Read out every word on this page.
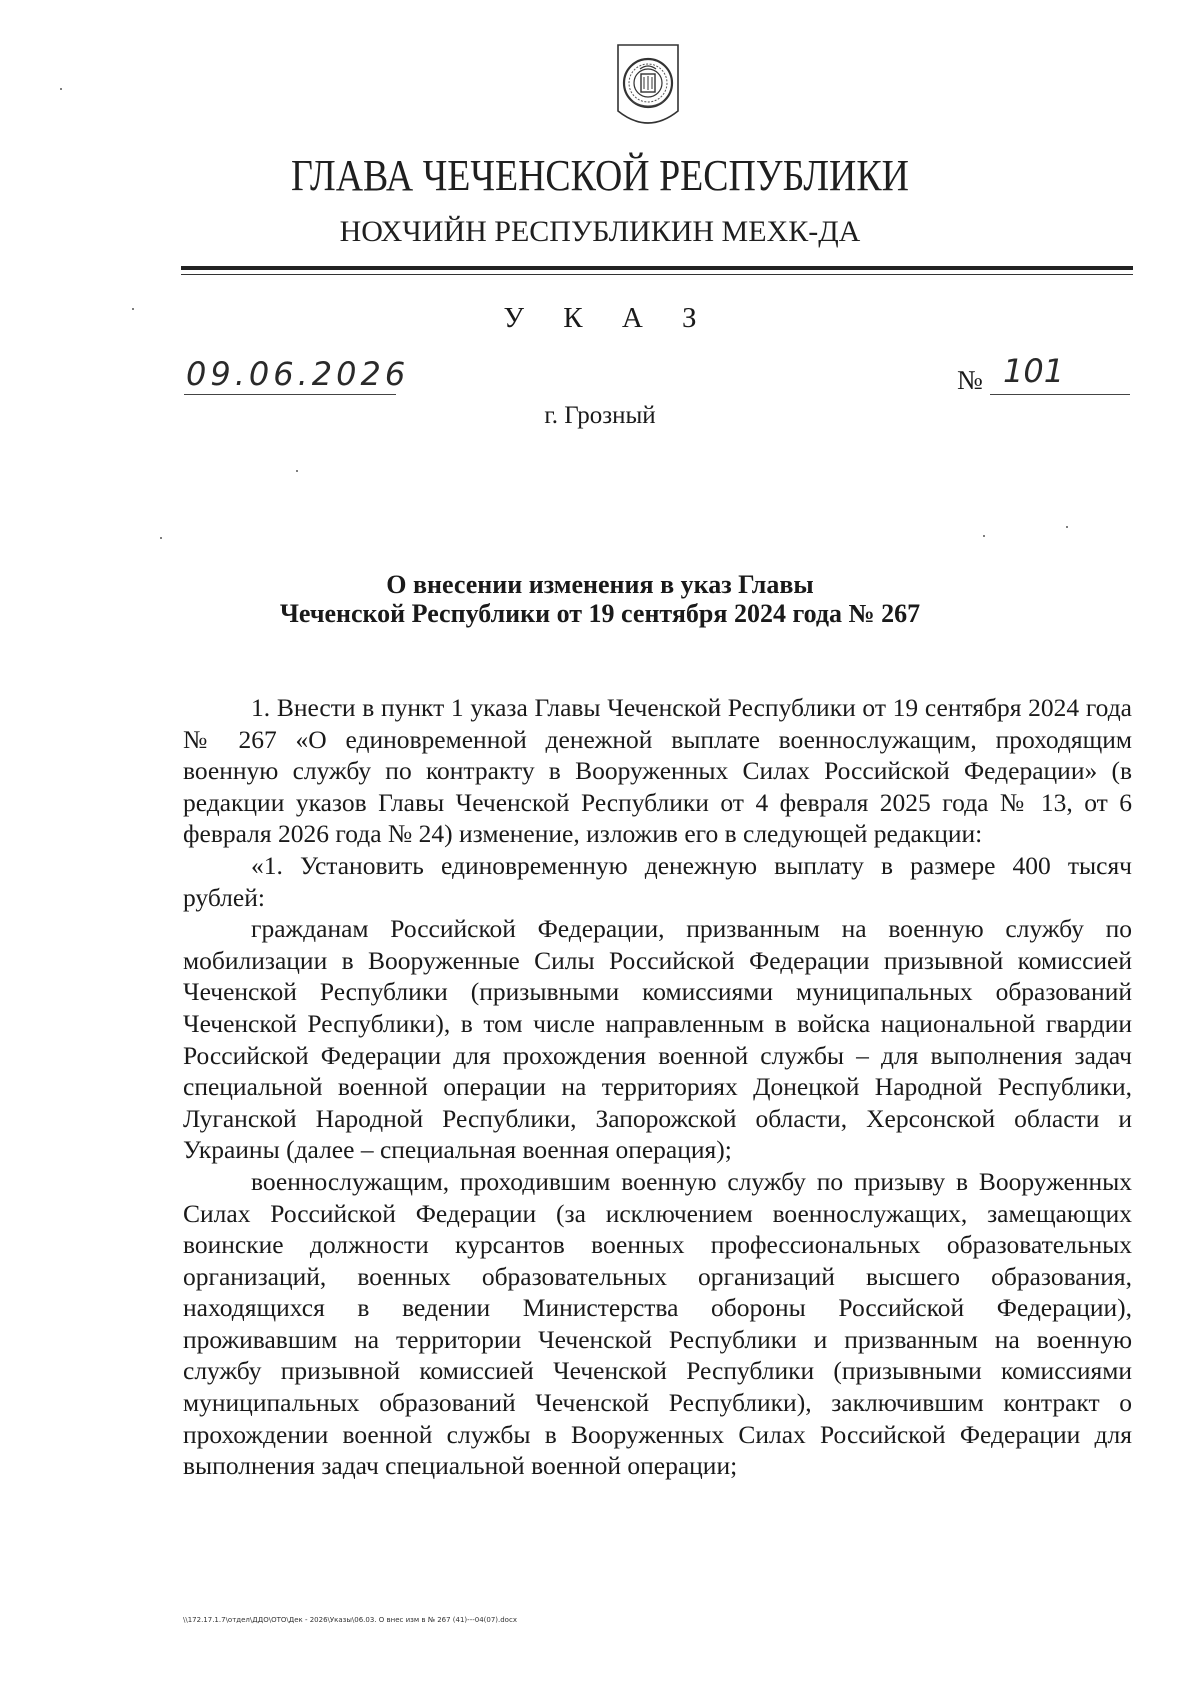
ГЛАВА ЧЕЧЕНСКОЙ РЕСПУБЛИКИ
НОХЧИЙН РЕСПУБЛИКИН МЕХК-ДА
У К А З
09.06.2026	№ 101
г. Грозный
О внесении изменения в указ Главы
Чеченской Республики от 19 сентября 2024 года № 267

1. Внести в пункт 1 указа Главы Чеченской Республики от 19 сентября 2024 года № 267 «О единовременной денежной выплате военнослужащим, проходящим военную службу по контракту в Вооруженных Силах Российской Федерации» (в редакции указов Главы Чеченской Республики от 4 февраля 2025 года № 13, от 6 февраля 2026 года № 24) изменение, изложив его в следующей редакции:

«1. Установить единовременную денежную выплату в размере 400 тысяч рублей:

гражданам Российской Федерации, призванным на военную службу по мобилизации в Вооруженные Силы Российской Федерации призывной комиссией Чеченской Республики (призывными комиссиями муниципальных образований Чеченской Республики), в том числе направленным в войска национальной гвардии Российской Федерации для прохождения военной службы – для выполнения задач специальной военной операции на территориях Донецкой Народной Республики, Луганской Народной Республики, Запорожской области, Херсонской области и Украины (далее – специальная военная операция);

военнослужащим, проходившим военную службу по призыву в Вооруженных Силах Российской Федерации (за исключением военнослужащих, замещающих воинские должности курсантов военных профессиональных образовательных организаций, военных образовательных организаций высшего образования, находящихся в ведении Министерства обороны Российской Федерации), проживавшим на территории Чеченской Республики и призванным на военную службу призывной комиссией Чеченской Республики (призывными комиссиями муниципальных образований Чеченской Республики), заключившим контракт о прохождении военной службы в Вооруженных Силах Российской Федерации для выполнения задач специальной военной операции;

\\172.17.1.7\отдел\ДДО\ОТО\Дек - 2026\Указы\06.03. О внес изм в № 267 (41)---04(07).docx
